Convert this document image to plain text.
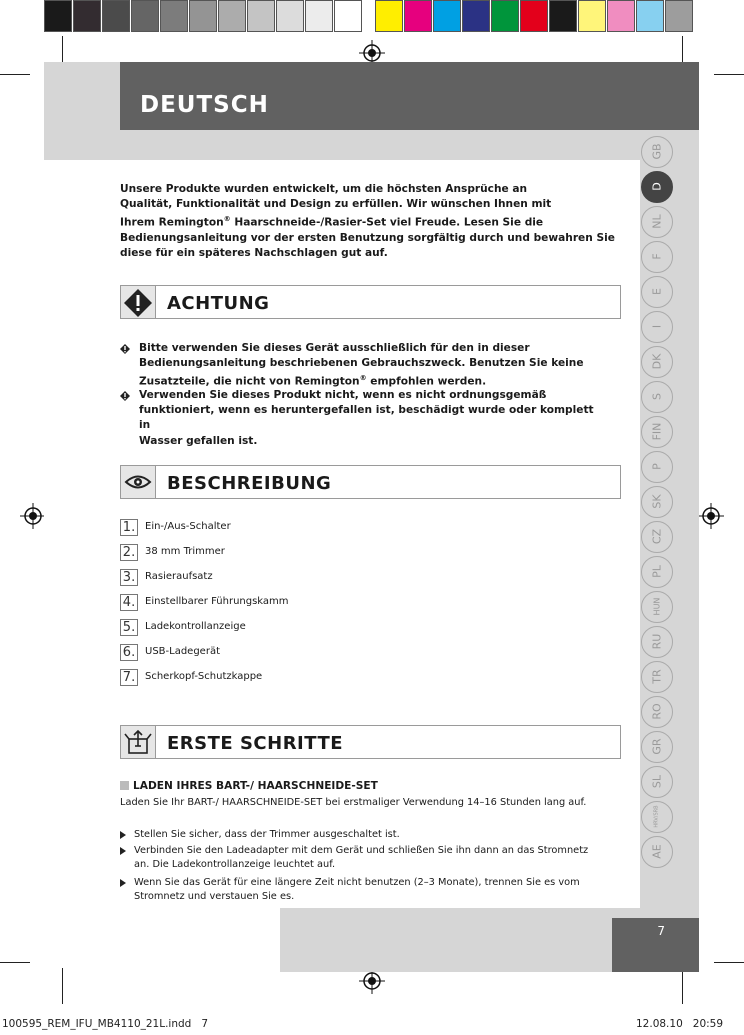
DEUTSCH
Unsere Produkte wurden entwickelt, um die höchsten Ansprüche an
Qualität, Funktionalität und Design zu erfüllen. Wir wünschen Ihnen mit
Ihrem Remington® Haarschneide-/Rasier-Set viel Freude. Lesen Sie die
Bedienungsanleitung vor der ersten Benutzung sorgfältig durch und bewahren Sie
diese für ein späteres Nachschlagen gut auf.
ACHTUNG
Bitte verwenden Sie dieses Gerät ausschließlich für den in dieser
Bedienungsanleitung beschriebenen Gebrauchszweck. Benutzen Sie keine
Zusatzteile, die nicht von Remington® empfohlen werden.
Verwenden Sie dieses Produkt nicht, wenn es nicht ordnungsgemäß
funktioniert, wenn es heruntergefallen ist, beschädigt wurde oder komplett in
Wasser gefallen ist.
BESCHREIBUNG
1. Ein-/Aus-Schalter
2. 38 mm Trimmer
3. Rasieraufsatz
4. Einstellbarer Führungskamm
5. Ladekontrollanzeige
6. USB-Ladegerät
7. Scherkopf-Schutzkappe
ERSTE SCHRITTE
LADEN IHRES BART-/ HAARSCHNEIDE-SET
Laden Sie Ihr BART-/ HAARSCHNEIDE-SET bei erstmaliger Verwendung 14–16 Stunden lang auf.
Stellen Sie sicher, dass der Trimmer ausgeschaltet ist.
Verbinden Sie den Ladeadapter mit dem Gerät und schließen Sie ihn dann an das Stromnetz
an. Die Ladekontrollanzeige leuchtet auf.
Wenn Sie das Gerät für eine längere Zeit nicht benutzen (2–3 Monate), trennen Sie es vom
Stromnetz und verstauen Sie es.
GB
D
NL
F
E
I
DK
S
FIN
P
SK
CZ
PL
HUN
RU
TR
RO
GR
SL
HRV/SRB
AE
7
100595_REM_IFU_MB4110_21L.indd   7	12.08.10   20:59
